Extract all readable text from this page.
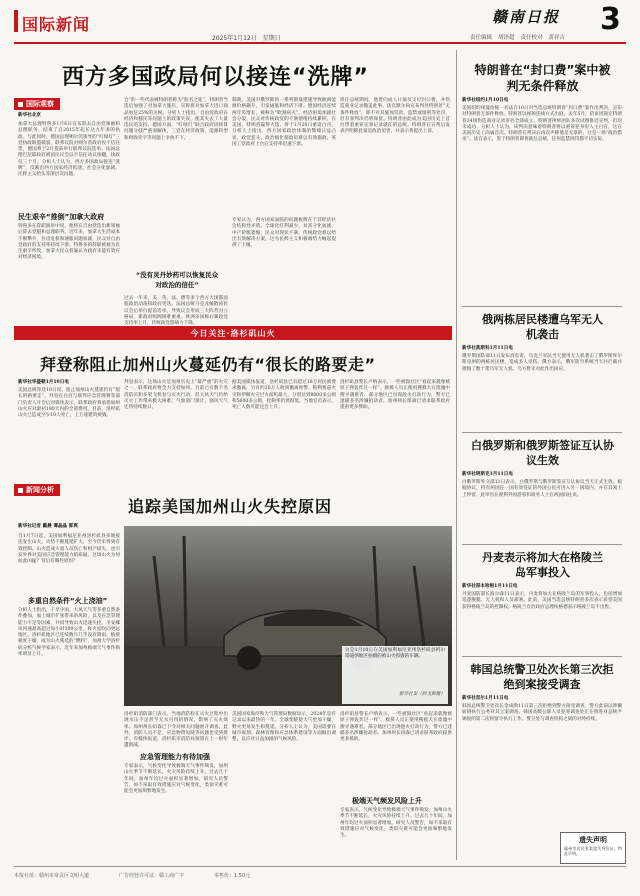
国际新闻
2025年1月12日 星期日
赣南日报 3
责任编辑 胡泽超 责任校对 黄祥吉
西方多国政局何以接连“洗牌”
国际观察
新华社北京
加拿大总理特鲁多1月6日宣布辞去自由党领袖和总理职务，结束了自2015年起长达九年多的执政。与此同时，德国总理朔尔茨领导的“红绿灯”三党执政联盟破裂，联邦议院对朔尔茨政府投不信任票，德国将于2月提前举行联邦议院选举。法国总理巴尼耶政府被国民议会以不信任动议推翻，执政仅三个月。分析人士认为，西方多国政局接连“洗牌”，反映出西方国家经济低迷、社会分化加剧、民粹主义抬头等深层次问题。
民生艰辛“推倒”加拿大政府
特鲁多在辞职演讲中说，他将在自由党选出新领袖后辞去党魁和总理职务。近年来，加拿大生活成本不断攀升，住房危机和通胀问题加剧，民众对自由党政府的支持率持续下滑。特鲁多的辞职被视为民生艰辛所致，加拿大民众普遍认为政府未能有效应对经济困境。
会”的一些代表被特朗普称为“脏名之徒”，特朗普当选后加强了对加拿大施压，宣称将对加拿大进口商品加征25%的关税。分析人士指出，自由党政府在经济和移民等问题上的政策失误，使其失去了大量选民的支持。德国方面，“红绿灯”联合政府因预算问题分歧严重而解体，三党在经济政策、能源转型和财政赤字等问题上争执不下。
“没有灵丹妙药可以恢复民众对政治的信任”
过去一年来，美、英、法、德等多个西方大国都面临政治动荡和政府更迭。法国总统马克龙解散国民议会后举行提前选举，导致议会形成三大阵营对立格局，新政府组阁困难重重。欧洲多国极右翼政党支持率上升，传统政党影响力下降。
制裁，美国对俄罗斯的一系列制裁措施导致欧洲能源价格飙升，引发通胀和经济下滑。德国经济连续两年负增长，被称为“欧洲病夫”。经济困境加剧社会分裂，民众对传统政党的不满情绪持续累积。在美国，特朗普赢得大选，将于1月20日重返白宫。分析人士指出，西方国家政治体制的弊端日益凸显，政党恶斗、政治极化使政府难以有效施政。英国工党政府上台后支持率迅速下滑。
专家认为，西方国家面临的问题根源在于其经济社会结构性矛盾。全球化红利减少，贫富分化加剧，中产阶级萎缩，民众对现状不满，传统政党难以给出有效解决方案，这为民粹主义和极端势力崛起提供了土壤。
担任总统期间，他曾向成人片演员支付封口费，并伪造商业记录掩盖此事。法官默尔尚宣布判处特朗普“无条件释放”，即不对其施加罚款、监禁或缓刑等处罚，但有罪判决仍将保留。特朗普由此成为美国历史上首位带着重罪定罪记录就任的总统。特朗普在宣判后发表声明称此案是政治迫害，并表示将提出上诉。
特朗普在“封口费”案中被判无条件释放
新华社纽约1月10日电
美国纽约州曼哈顿一名法官10日对当选总统特朗普“封口费”案作出判决，宣布对特朗普无条件释放。特朗普以视频连线方式出庭。去年5月，陪审团裁定特朗普34项伪造商业记录罪名全部成立。特朗普律师团队多次试图推迟宣判，但均未成功。分析人士认为，该判决意味着特朗普将以重罪犯身份入主白宫，这在美国历史上尚属首次。特朗普在判决后再次声称他是无辜的，这是一场“政治猎巫”。法官表示，鉴于特朗普即将就任总统，任何监禁刑罚都不切实际。
俄两栋居民楼遭乌军无人机袭击
新华社莫斯科1月11日电
俄罗斯国防部11日发布消息说，乌克兰军队当天使用无人机袭击了俄罗斯库尔斯克州的两栋居民楼，造成多人受伤。俄方表示，俄军防空系统当天共拦截并摧毁了数十架乌军无人机。乌方暂未对此作出回应。
白俄罗斯和俄罗斯签证互认协议生效
新华社明斯克1月11日电
白俄罗斯外交部11日表示，白俄罗斯与俄罗斯签证互认协议当天正式生效。根据协议，持有两国任一国有效签证的外国公民可进入另一国境内，并在其领土上停留。此举旨在便利外国游客和商务人士在两国间往来。
丹麦表示将加大在格陵兰岛军事投入
新华社哥本哈根1月11日电
丹麦国防部长波尔森11日表示，丹麦将加大在格陵兰岛的军事投入，包括增加巡逻舰艇、无人机和人员部署。此前，美国当选总统特朗普多次表示希望美国获得格陵兰岛的控制权。格陵兰自治政府总理埃格德表示格陵兰岛不出售。
韩国总统警卫处次长第三次拒绝到案接受调查
新华社首尔1月11日电
韩国总统警卫处次长金成勋11日第三次拒绝到警方接受调查。警方此前以涉嫌妨碍执行公务对其立案调查。韩国高级公职人员犯罪调查处正在推进对总统尹锡悦的第二次拘留令执行工作。警卫处与调查机构之间的对峙持续。
遗失声明
赣州市居民张某遗失身份证，特此声明。
今日关注·洛杉矶山火
拜登称阻止加州山火蔓延仍有“很长的路要走”
新华社华盛顿1月10日电
美国总统拜登10日说，阻止加州山火蔓延仍有“很长的路要走”。拜登在白宫与联邦应急管理署等部门负责人开会后对媒体表示，联邦政府将承担加州山火应对最初180天内的全部费用。目前，洛杉矶山火已造成至少10人死亡，上万座建筑被毁。
拜登表示，这场山火是加州历史上“最严重”的火灾之一，联邦政府将全力支持加州。目前已有数千名消防员和多架飞机参与灭火行动，但大风天气仍给灭火工作带来极大困难。气象部门预计，强风天气还将持续数日。
据美国媒体报道，洛杉矶县已有超过18万居民被要求撤离，另有约20万人收到撤离预警。帕利塞兹火灾和伊顿火灾过火面积最大，分别达到8000多公顷和5600多公顷，控制率仍然很低。当地官员表示，死亡人数可能还会上升。
洛杉矶县警长卢纳表示，一些被毁社区“看起来就像被原子弹轰炸过一样”。救援人员正使用搜救犬在废墟中搜寻遇难者。部分地区已出现趁火打劫行为，警方已逮捕多名涉嫌抢劫者。加州州长纽森已请求联邦政府提供更多援助。
新闻分析
追踪美国加州山火失控原因
新华社记者 戴晨 谭晶晶 郭爽
自1月7日起，美国加利福尼亚州洛杉矶县多地接连发生山火，火势不断蔓延扩大，至今仍未得到有效控制。山火造成大量人员伤亡和财产损失，也引发外界对美国应急管理能力的质疑。这场山火为何如此凶猛？背后有哪些原因？
多重自然条件“火上浇油”
分析人士指出，干旱少雨、大风天气等多重自然条件叠加，加上城市扩张带来的风险，以及应急管理能力不足等因素，共同导致山火迅速失控。圣安娜风风速最高超过每小时100公里，将火星吹向更远地区。洛杉矶地区已连续数月几乎没有降雨，植被极度干燥，成为山火蔓延的“燃料”。加州大学洛杉矶分校气候学家表示，近年来加州极端天气事件频率明显上升。
这是1月10日在美国加利福尼亚州洛杉矶县阿尔塔迪纳地区拍摄的被山火损毁的车辆。
新华社发（阿戈斯摄）
洛杉矶消防部门表示，当地消防栓在灭火过程中出现水压不足甚至无水可用的情况，影响了灭火效率。加州州长纽森已下令对相关问题展开调查。此外，消防人员不足、应急物资短缺等问题也受到批评。有媒体报道，洛杉矶市消防局预算在上一财年遭削减。
应急管理能力有待加强
专家表示，气候变化导致极端天气事件频发，加州山火季节不断延长，火灾风险持续上升。过去几十年间，加州年均过火面积显著增加。研究人员警告，如不采取有效措施应对气候变化，类似灾难可能会更加频繁地发生。
美国国家海洋和大气管理局数据显示，2024年是有记录以来最热的一年。全球变暖使大气更加干燥，野火更易发生和蔓延。分析人士认为，美国需要在城市规划、森林管理和应急体系建设等方面做出调整，以应对日益加剧的气候风险。
极端天气频发风险上升
洛杉矶县警长卢纳表示，一些被毁社区“看起来就像被原子弹轰炸过一样”。救援人员正使用搜救犬在废墟中搜寻遇难者。部分地区已出现趁火打劫行为，警方已逮捕多名涉嫌抢劫者。加州州长纽森已请求联邦政府提供更多援助。
专家表示，气候变化导致极端天气事件频发，加州山火季节不断延长，火灾风险持续上升。过去几十年间，加州年均过火面积显著增加。研究人员警告，如不采取有效措施应对气候变化，类似灾难可能会更加频繁地发生。
本报社址：赣州市章贡区文明大道	广告经营许可证：赣工商广字	零售价：1.50元
